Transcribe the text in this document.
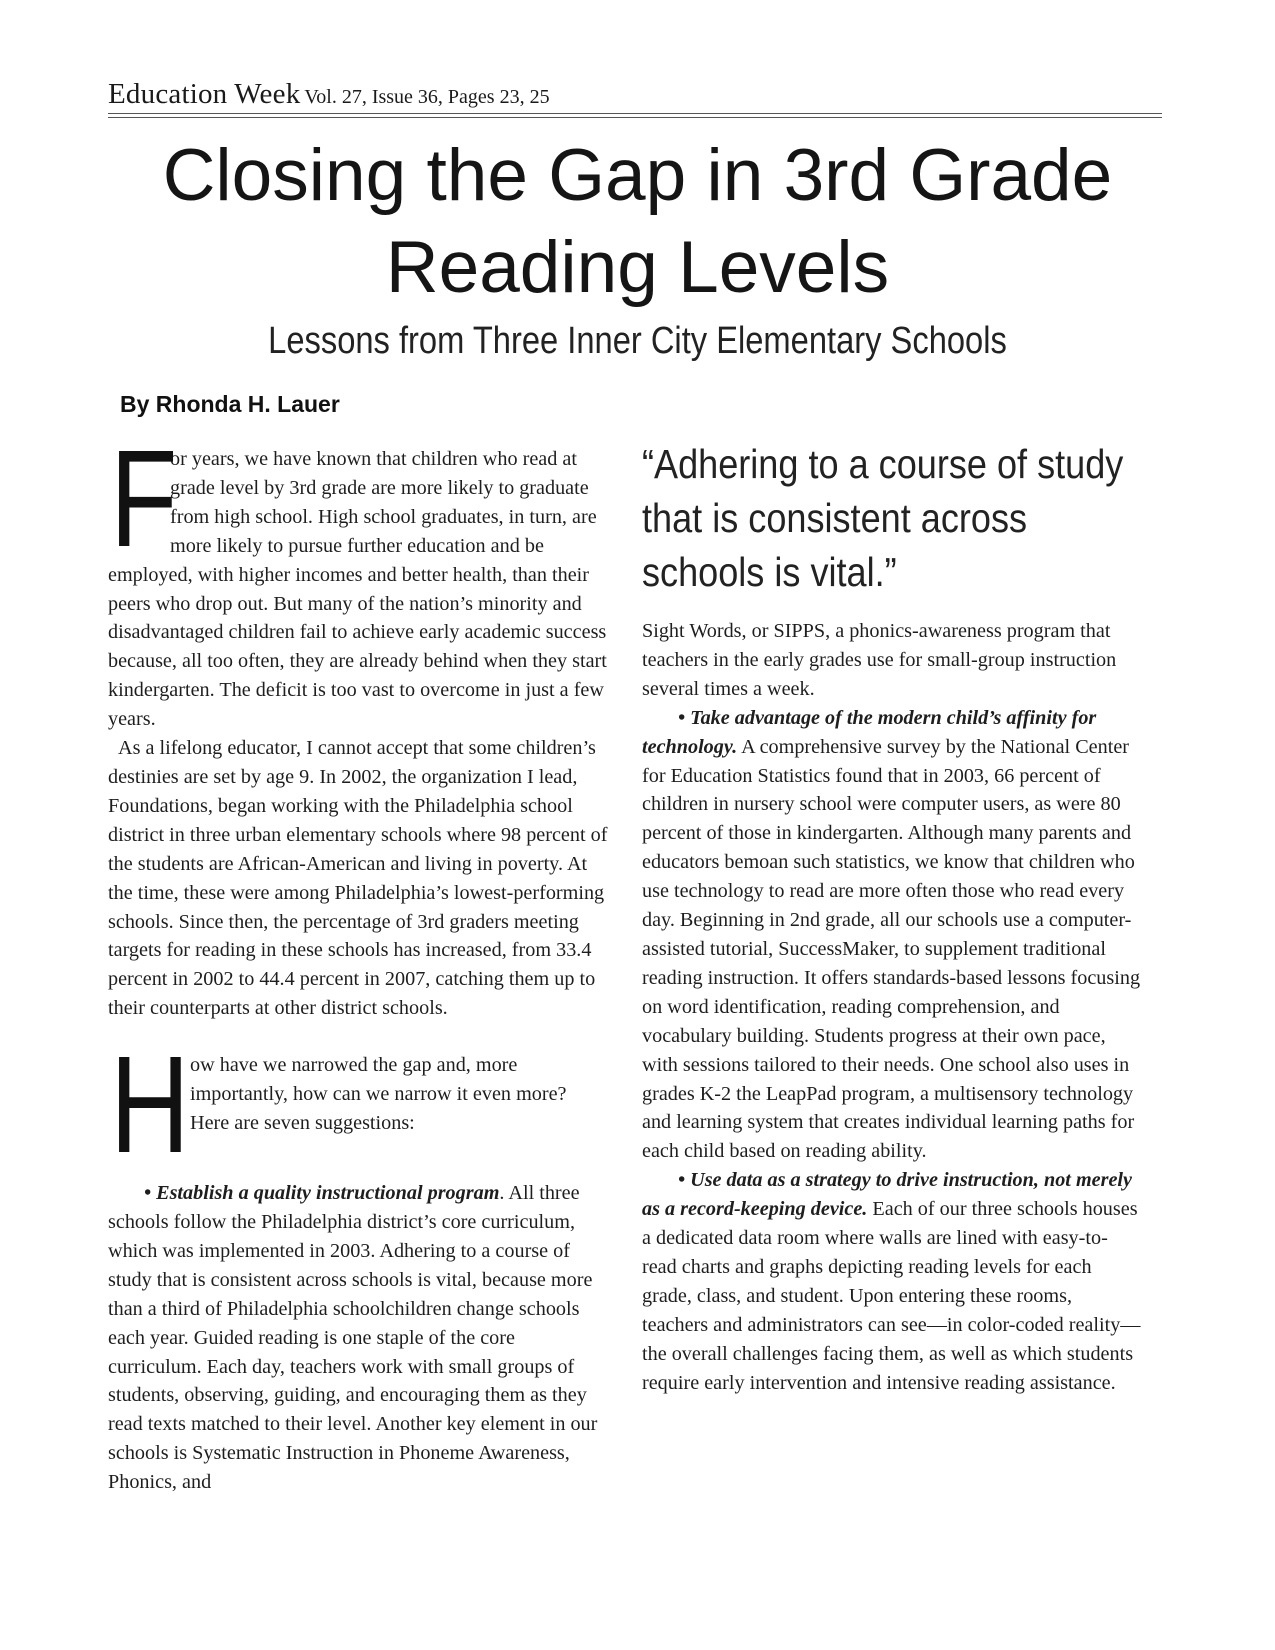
Education Week Vol. 27, Issue 36, Pages 23, 25
Closing the Gap in 3rd Grade Reading Levels
Lessons from Three Inner City Elementary Schools

By Rhonda H. Lauer

F
or years, we have known that children who read at grade level by 3rd grade are more likely to graduate from high school. High school graduates, in turn, are more likely to pursue further education and be employed, with higher incomes and better health, than their peers who drop out. But many of the nation’s minority and disadvantaged children fail to achieve early academic success because, all too often, they are already behind when they start kindergarten. The deficit is too vast to overcome in just a few years.

As a lifelong educator, I cannot accept that some children’s destinies are set by age 9. In 2002, the organization I lead, Foundations, began working with the Philadelphia school district in three urban elementary schools where 98 percent of the students are African-American and living in poverty. At the time, these were among Philadelphia’s lowest-performing schools. Since then, the percentage of 3rd graders meeting targets for reading in these schools has increased, from 33.4 percent in 2002 to 44.4 percent in 2007, catching them up to their counterparts at other district schools.

How have we narrowed the gap and, more importantly, how can we narrow it even more? Here are seven suggestions:

• Establish a quality instructional program. All three schools follow the Philadelphia district’s core curriculum, which was implemented in 2003. Adhering to a course of study that is consistent across schools is vital, because more than a third of Philadelphia schoolchildren change schools each year. Guided reading is one staple of the core curriculum. Each day, teachers work with small groups of students, observing, guiding, and encouraging them as they read texts matched to their level. Another key element in our schools is Systematic Instruction in Phoneme Awareness, Phonics, and

“Adhering to a course of study that is consistent across schools is vital.”

Sight Words, or SIPPS, a phonics-awareness program that teachers in the early grades use for small-group instruction several times a week.

• Take advantage of the modern child’s affinity for technology. A comprehensive survey by the National Center for Education Statistics found that in 2003, 66 percent of children in nursery school were computer users, as were 80 percent of those in kindergarten. Although many parents and educators bemoan such statistics, we know that children who use technology to read are more often those who read every day. Beginning in 2nd grade, all our schools use a computer-assisted tutorial, SuccessMaker, to supplement traditional reading instruction. It offers standards-based lessons focusing on word identification, reading comprehension, and vocabulary building. Students progress at their own pace, with sessions tailored to their needs. One school also uses in grades K-2 the LeapPad program, a multisensory technology and learning system that creates individual learning paths for each child based on reading ability.

• Use data as a strategy to drive instruction, not merely as a record-keeping device. Each of our three schools houses a dedicated data room where walls are lined with easy-to-read charts and graphs depicting reading levels for each grade, class, and student. Upon entering these rooms, teachers and administrators can see—in color-coded reality—the overall challenges facing them, as well as which students require early intervention and intensive reading assistance.
